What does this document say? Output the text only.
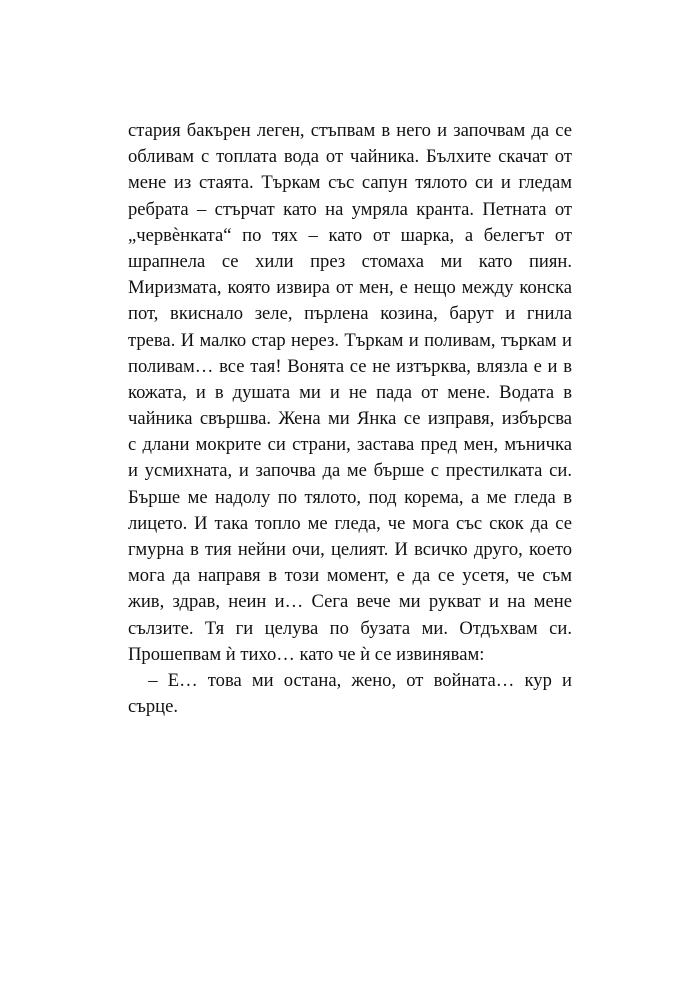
стария бакърен леген, стъпвам в него и започвам да се
обливам с топлата вода от чайника. Бълхите скачат от
мене из стаята. Търкам със сапун тялото си и гледам
ребрата – стърчат като на умряла кранта. Петната от
„червѐнката“ по тях – като от шарка, а белегът от
шрапнела се хили през стомаха ми като пиян.
Миризмата, която извира от мен, е нещо между конска
пот, вкиснало зеле, пърлена козина, барут и гнила
трева. И малко стар нерез. Търкам и поливам, търкам и
поливам… все тая! Вонята се не изтърква, влязла е и в
кожата, и в душата ми и не пада от мене. Водата в
чайника свършва. Жена ми Янка се изправя, избърсва
с длани мокрите си страни, застава пред мен, мъничка
и усмихната, и започва да ме бърше с престилката си.
Бърше ме надолу по тялото, под корема, а ме гледа в
лицето. И така топло ме гледа, че мога със скок да се
гмурна в тия нейни очи, целият. И всичко друго, което
мога да направя в този момент, е да се усетя, че съм
жив, здрав, неин и… Сега вече ми рукват и на мене
сълзите. Тя ги целува по бузата ми. Отдъхвам си.
Прошепвам ѝ тихо… като че ѝ се извинявам:
– Е… това ми остана, жено, от войната… кур и
сърце.
